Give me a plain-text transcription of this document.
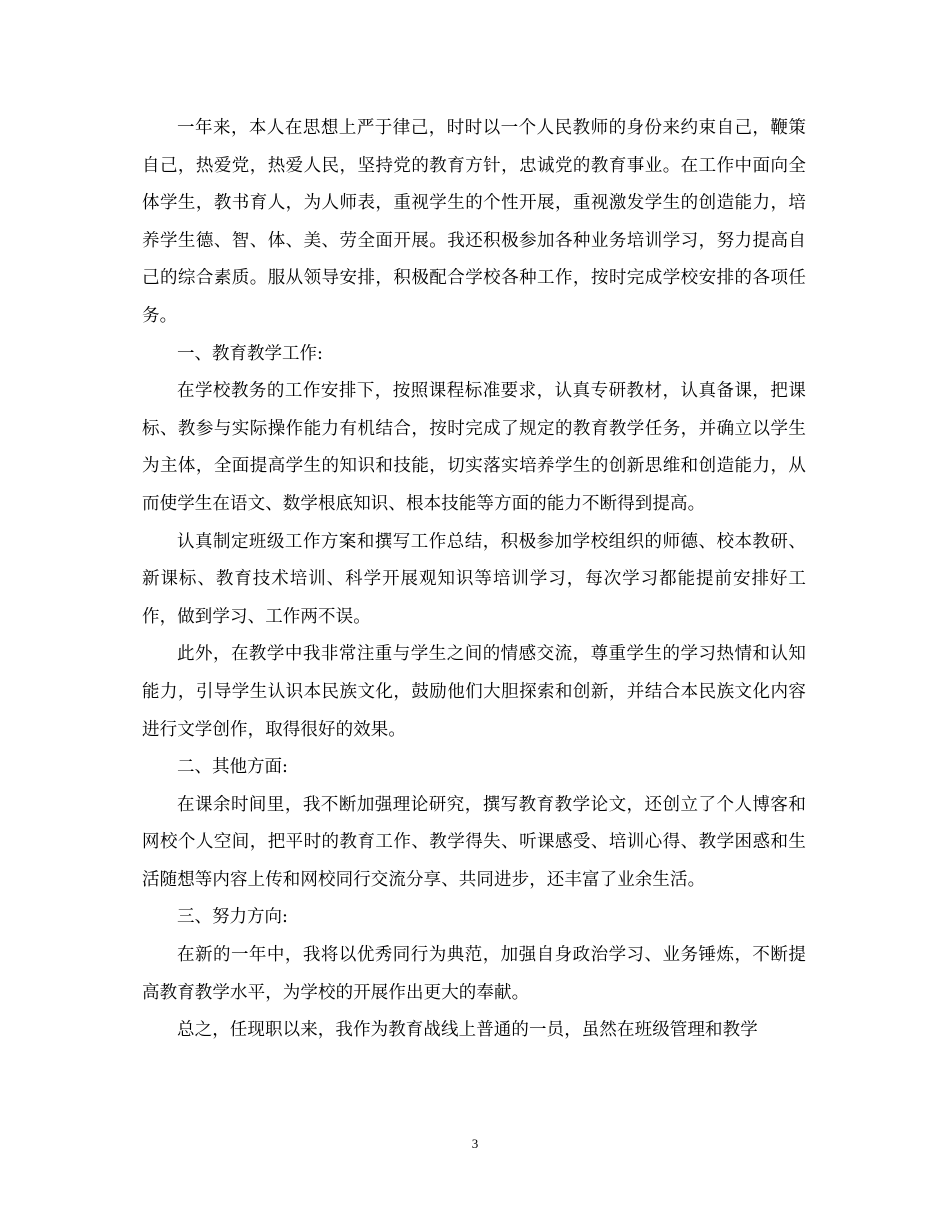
一年来，本人在思想上严于律己，时时以一个人民教师的身份来约束自己，鞭策自己，热爱党，热爱人民，坚持党的教育方针，忠诚党的教育事业。在工作中面向全体学生，教书育人，为人师表，重视学生的个性开展，重视激发学生的创造能力，培养学生德、智、体、美、劳全面开展。我还积极参加各种业务培训学习，努力提高自己的综合素质。服从领导安排，积极配合学校各种工作，按时完成学校安排的各项任务。

一、教育教学工作:

在学校教务的工作安排下，按照课程标准要求，认真专研教材，认真备课，把课标、教参与实际操作能力有机结合，按时完成了规定的教育教学任务，并确立以学生为主体，全面提高学生的知识和技能，切实落实培养学生的创新思维和创造能力，从而使学生在语文、数学根底知识、根本技能等方面的能力不断得到提高。

认真制定班级工作方案和撰写工作总结，积极参加学校组织的师德、校本教研、新课标、教育技术培训、科学开展观知识等培训学习，每次学习都能提前安排好工作，做到学习、工作两不误。

此外，在教学中我非常注重与学生之间的情感交流，尊重学生的学习热情和认知能力，引导学生认识本民族文化，鼓励他们大胆探索和创新，并结合本民族文化内容进行文学创作，取得很好的效果。

二、其他方面:

在课余时间里，我不断加强理论研究，撰写教育教学论文，还创立了个人博客和网校个人空间，把平时的教育工作、教学得失、听课感受、培训心得、教学困惑和生活随想等内容上传和网校同行交流分享、共同进步，还丰富了业余生活。

三、努力方向:

在新的一年中，我将以优秀同行为典范，加强自身政治学习、业务锤炼，不断提高教育教学水平，为学校的开展作出更大的奉献。

总之，任现职以来，我作为教育战线上普通的一员，虽然在班级管理和教学

3
